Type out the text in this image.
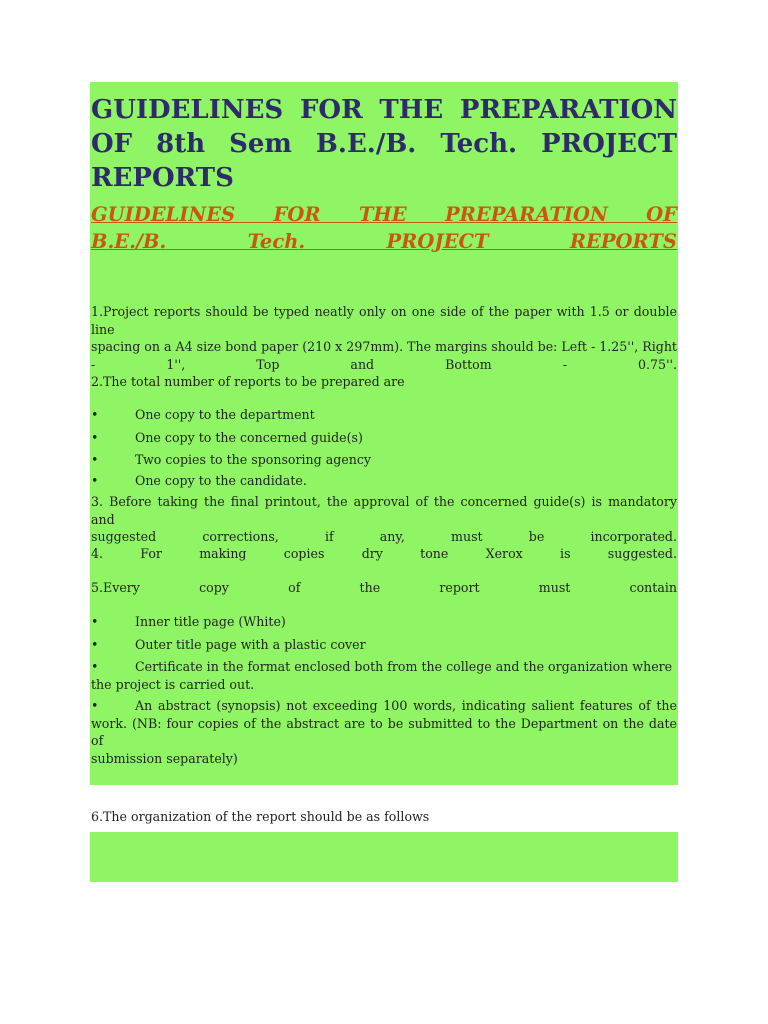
GUIDELINES FOR THE PREPARATION
OF 8th Sem B.E./B. Tech. PROJECT
REPORTS
GUIDELINES FOR THE PREPARATION OF
B.E./B. Tech. PROJECT REPORTS

1.Project reports should be typed neatly only on one side of the paper with 1.5 or double line

spacing on a A4 size bond paper (210 x 297mm). The margins should be: Left - 1.25'', Right

- 1'', Top and Bottom - 0.75''.

2.The total number of reports to be prepared are

•	One copy to the department
•	One copy to the concerned guide(s)
•	Two copies to the sponsoring agency
•	One copy to the candidate.

3. Before taking the final printout, the approval of the concerned guide(s) is mandatory and

suggested corrections, if any, must be incorporated.

4. For making copies dry tone Xerox is suggested.

5.Every copy of the report must contain

•	Inner title page (White)
•	Outer title page with a plastic cover
•	Certificate in the format enclosed both from the college and the organization where
the project is carried out.
•	An abstract (synopsis) not exceeding 100 words, indicating salient features of the
work. (NB: four copies of the abstract are to be submitted to the Department on the date of
submission separately)
6.The organization of the report should be as follows
